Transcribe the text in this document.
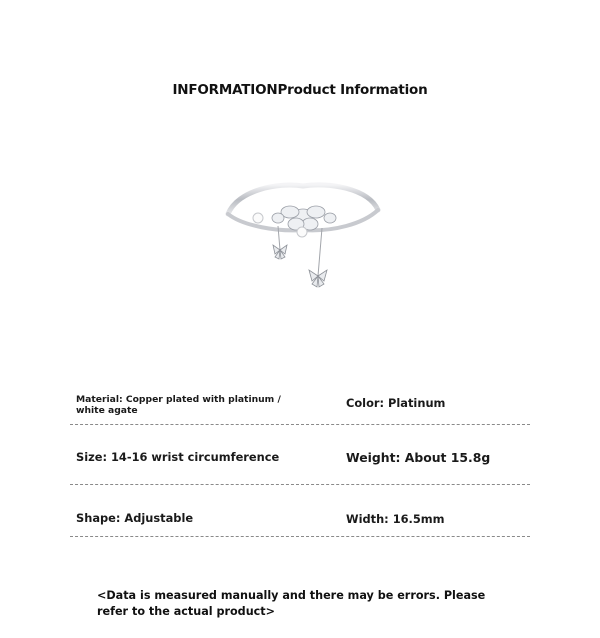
INFORMATIONProduct Information
Material: Copper plated with platinum / white agate
Color: Platinum
Size: 14-16 wrist circumference	Weight: About 15.8g
Shape: Adjustable	Width: 16.5mm
<Data is measured manually and there may be errors. Please refer to the actual product>
